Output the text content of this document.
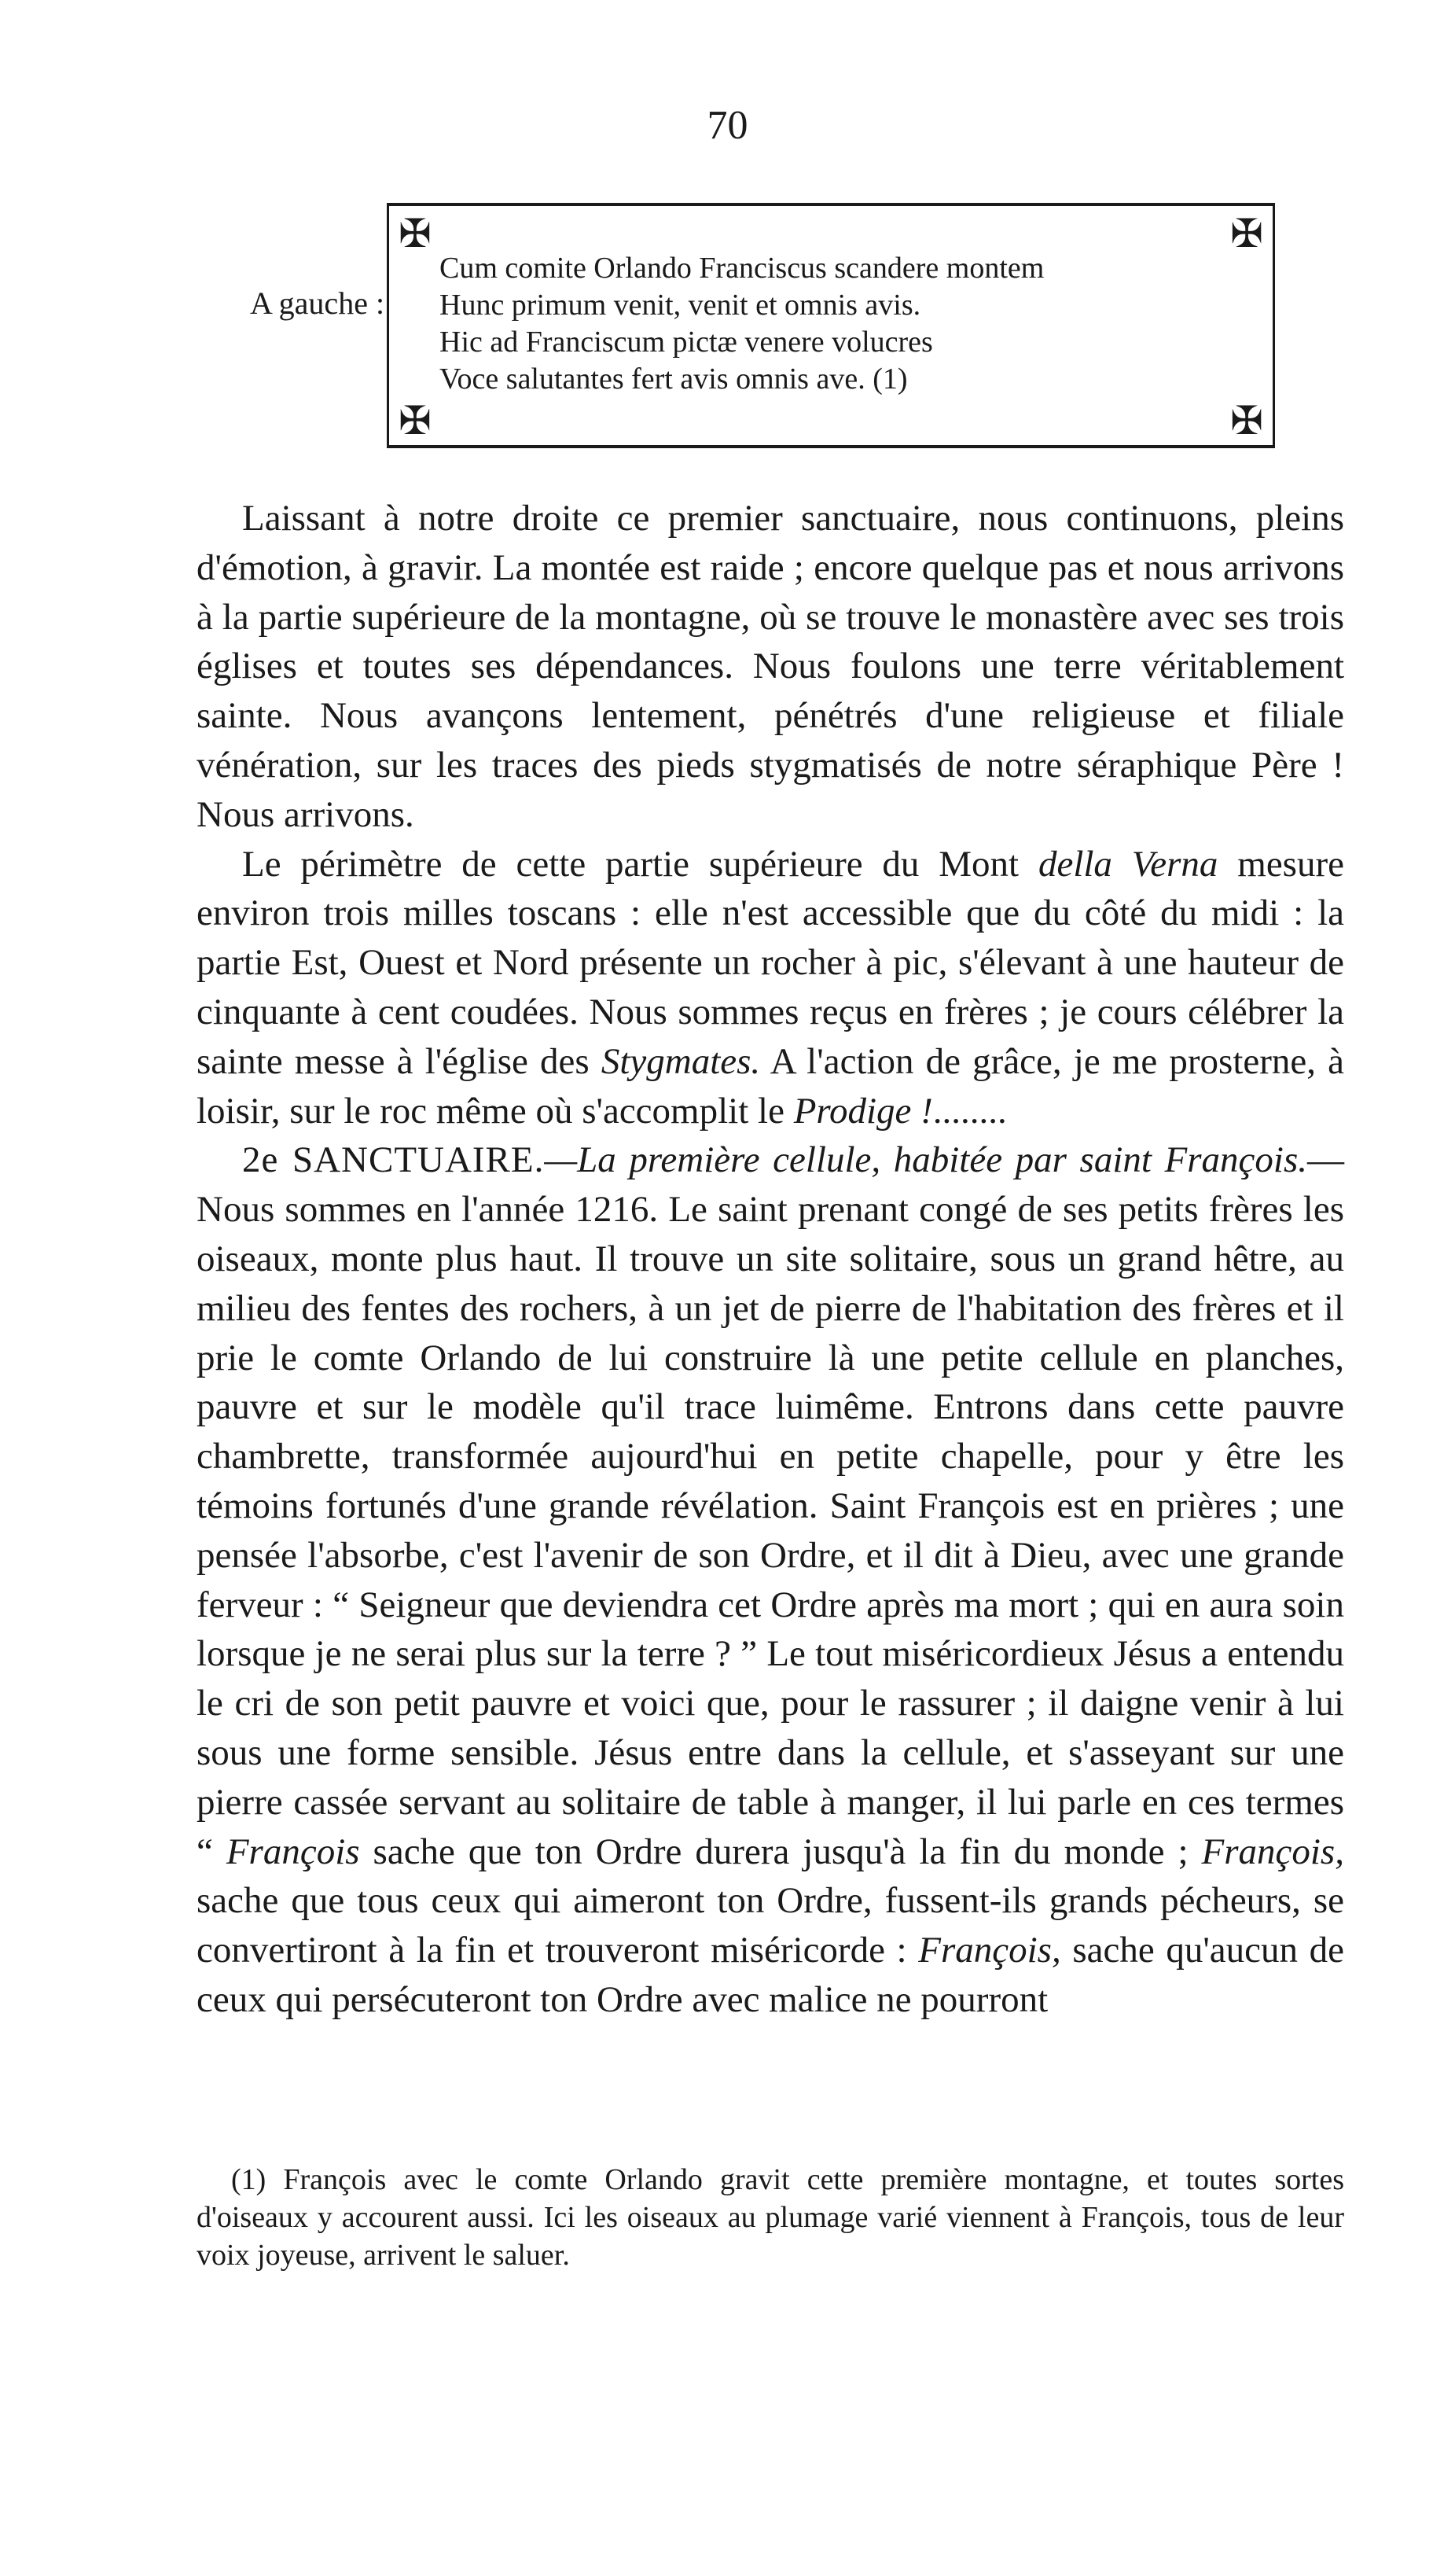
70
A gauche :
✠	✠
✠	✠
Cum comite Orlando Franciscus scandere montem
Hunc primum venit, venit et omnis avis.
Hic ad Franciscum pictæ venere volucres
Voce salutantes fert avis omnis ave. (1)

Laissant à notre droite ce premier sanctuaire, nous continuons, pleins d'émotion, à gravir. La montée est raide ; encore quelque pas et nous arrivons à la partie supérieure de la montagne, où se trouve le monastère avec ses trois églises et toutes ses dépendances. Nous foulons une terre véritablement sainte. Nous avançons lentement, pénétrés d'une religieuse et filiale vénération, sur les traces des pieds stygmatisés de notre séraphique Père ! Nous arrivons.

Le périmètre de cette partie supérieure du Mont della Verna mesure environ trois milles toscans : elle n'est accessible que du côté du midi : la partie Est, Ouest et Nord présente un rocher à pic, s'élevant à une hauteur de cinquante à cent coudées. Nous sommes reçus en frères ; je cours célébrer la sainte messe à l'église des Stygmates. A l'action de grâce, je me prosterne, à loisir, sur le roc même où s'accomplit le Prodige !........

2e SANCTUAIRE.—La première cellule, habitée par saint François.—Nous sommes en l'année 1216. Le saint prenant congé de ses petits frères les oiseaux, monte plus haut. Il trouve un site solitaire, sous un grand hêtre, au milieu des fentes des rochers, à un jet de pierre de l'habitation des frères et il prie le comte Orlando de lui construire là une petite cellule en planches, pauvre et sur le modèle qu'il trace luimême. Entrons dans cette pauvre chambrette, transformée aujourd'hui en petite chapelle, pour y être les témoins fortunés d'une grande révélation. Saint François est en prières ; une pensée l'absorbe, c'est l'avenir de son Ordre, et il dit à Dieu, avec une grande ferveur : “ Seigneur que deviendra cet Ordre après ma mort ; qui en aura soin lorsque je ne serai plus sur la terre ? ” Le tout miséricordieux Jésus a entendu le cri de son petit pauvre et voici que, pour le rassurer ; il daigne venir à lui sous une forme sensible. Jésus entre dans la cellule, et s'asseyant sur une pierre cassée servant au solitaire de table à manger, il lui parle en ces termes “ François sache que ton Ordre durera jusqu'à la fin du monde ; François, sache que tous ceux qui aimeront ton Ordre, fussent-ils grands pécheurs, se convertiront à la fin et trouveront miséricorde : François, sache qu'aucun de ceux qui persécuteront ton Ordre avec malice ne pourront

(1) François avec le comte Orlando gravit cette première montagne, et toutes sortes d'oiseaux y accourent aussi. Ici les oiseaux au plumage varié viennent à François, tous de leur voix joyeuse, arrivent le saluer.
